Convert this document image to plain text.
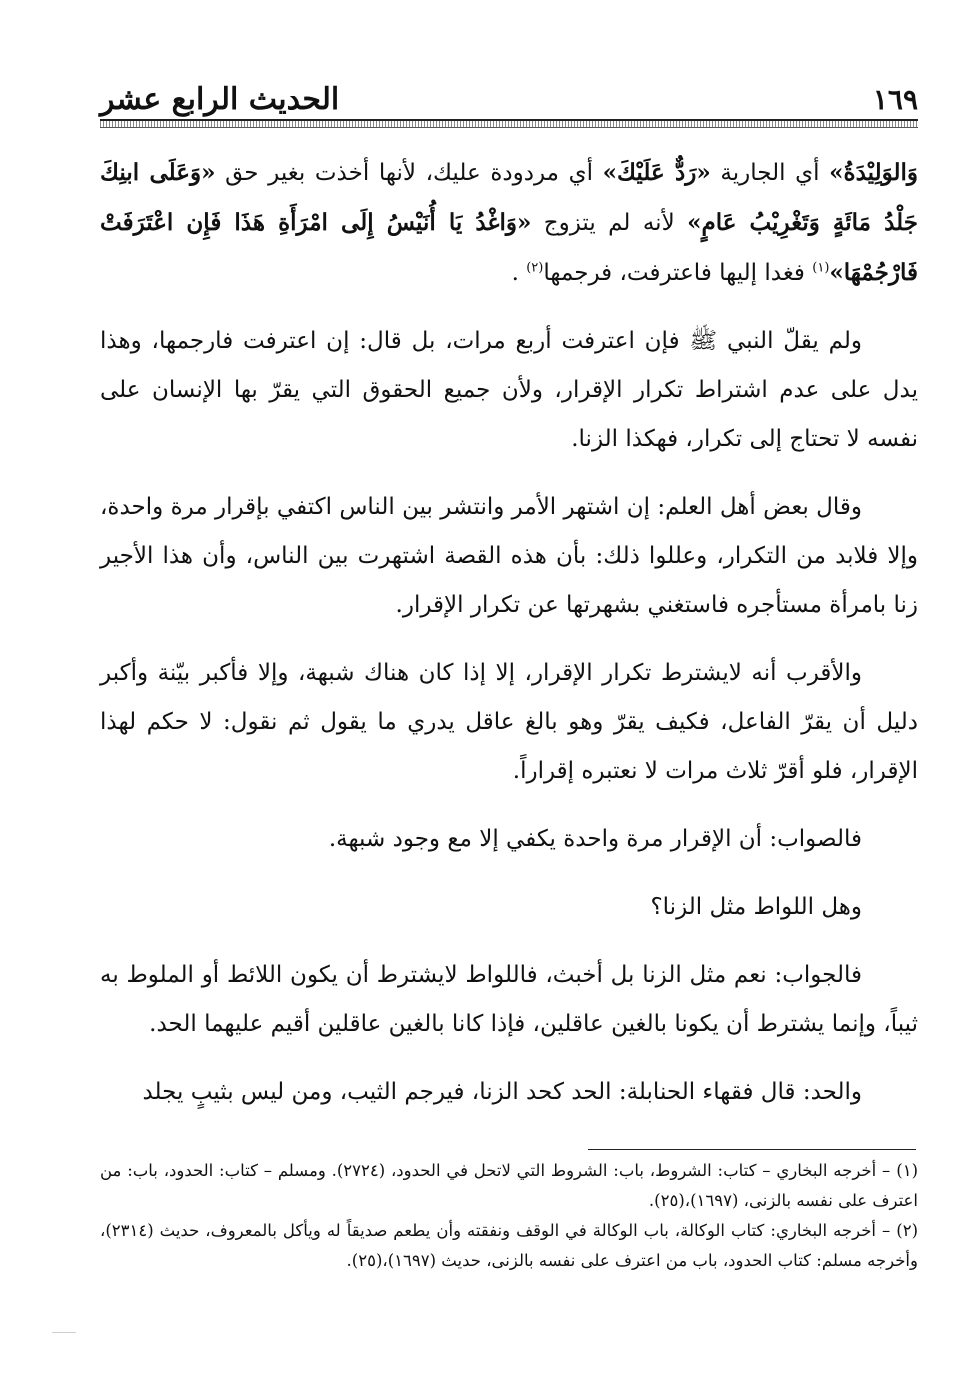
١٦٩
الحديث الرابع عشر

وَالوَلِيْدَةُ» أي الجارية «رَدٌّ عَلَيْكَ» أي مردودة عليك، لأنها أخذت بغير حق «وَعَلَى ابنِكَ جَلْدُ مَائَةٍ وَتَغْرِيْبُ عَامٍ» لأنه لم يتزوج «وَاغْدُ يَا أُنَيْسُ إِلَى امْرَأَةِ هَذَا فَإِن اعْتَرَفَتْ فَارْجُمْهَا»$^{(١)}$ فغدا إليها فاعترفت، فرجمها$^{(٢)}$ .

ولم يقلّ النبي ﷺ فإن اعترفت أربع مرات، بل قال: إن اعترفت فارجمها، وهذا يدل على عدم اشتراط تكرار الإقرار، ولأن جميع الحقوق التي يقرّ بها الإنسان على نفسه لا تحتاج إلى تكرار، فهكذا الزنا.

وقال بعض أهل العلم: إن اشتهر الأمر وانتشر بين الناس اكتفي بإقرار مرة واحدة، وإلا فلابد من التكرار، وعللوا ذلك: بأن هذه القصة اشتهرت بين الناس، وأن هذا الأجير زنا بامرأة مستأجره فاستغني بشهرتها عن تكرار الإقرار.

والأقرب أنه لايشترط تكرار الإقرار، إلا إذا كان هناك شبهة، وإلا فأكبر بيّنة وأكبر دليل أن يقرّ الفاعل، فكيف يقرّ وهو بالغ عاقل يدري ما يقول ثم نقول: لا حكم لهذا الإقرار، فلو أقرّ ثلاث مرات لا نعتبره إقراراً.

فالصواب: أن الإقرار مرة واحدة يكفي إلا مع وجود شبهة.

وهل اللواط مثل الزنا؟

فالجواب: نعم مثل الزنا بل أخبث، فاللواط لايشترط أن يكون اللائط أو الملوط به ثيباً، وإنما يشترط أن يكونا بالغين عاقلين، فإذا كانا بالغين عاقلين أقيم عليهما الحد.

والحد: قال فقهاء الحنابلة: الحد كحد الزنا، فيرجم الثيب، ومن ليس بثيبٍ يجلد

(١)– أخرجه البخاري – كتاب: الشروط، باب: الشروط التي لاتحل في الحدود، (٢٧٢٤). ومسلم – كتاب: الحدود، باب: من اعترف على نفسه بالزنى، (١٦٩٧)،(٢٥).

(٢)– أخرجه البخاري: كتاب الوكالة، باب الوكالة في الوقف ونفقته وأن يطعم صديقاً له ويأكل بالمعروف، حديث (٢٣١٤)، وأخرجه مسلم: كتاب الحدود، باب من اعترف على نفسه بالزنى، حديث (١٦٩٧)،(٢٥).
